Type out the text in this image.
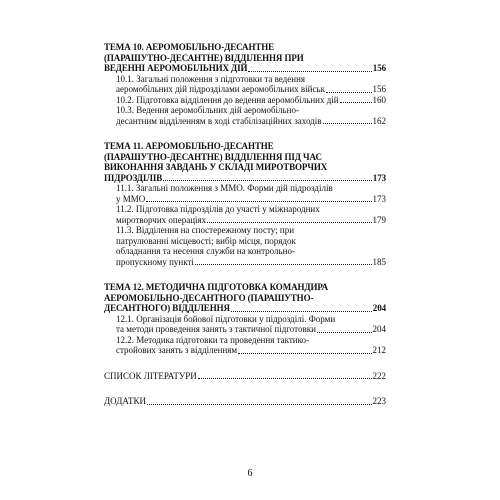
ТЕМА 10. АЕРОМОБІЛЬНО-ДЕСАНТНЕ
(ПАРАШУТНО-ДЕСАНТНЕ) ВІДДІЛЕННЯ ПРИ
ВЕДЕННІ АЕРОМОБІЛЬНИХ ДІЙ	156
10.1. Загальні положення з підготовки та ведення
аеромобільних дій підрозділами аеромобільних військ	156
10.2. Підготовка відділення до ведення аеромобільних дій	160
10.3. Ведення аеромобільних дій аеромобільно-
десантним відділенням в ході стабілізаційних заходів	162
ТЕМА 11. АЕРОМОБІЛЬНО-ДЕСАНТНЕ
(ПАРАШУТНО-ДЕСАНТНЕ) ВІДДІЛЕННЯ ПІД ЧАС
ВИКОНАННЯ ЗАВДАНЬ У СКЛАДІ МИРОТВОРЧИХ
ПІДРОЗДІЛІВ	173
11.1. Загальні положення з ММО. Форми дій підрозділів
у ММО	173
11.2. Підготовка підрозділів до участі у міжнародних
миротворчих операціях	179
11.3. Відділення на спостережному посту; при
патрулюванні місцевості; вибір місця, порядок
обладнання та несення служби на контрольно-
пропускному пункті	185
ТЕМА 12. МЕТОДИЧНА ПІДГОТОВКА КОМАНДИРА
АЕРОМОБІЛЬНО-ДЕСАНТНОГО (ПАРАШУТНО-
ДЕСАНТНОГО) ВІДДІЛЕННЯ	204
12.1. Організація бойової підготовки у підрозділі. Форми
та методи проведення занять з тактичної підготовки	204
12.2. Методика підготовки та проведення тактико-
стройових занять з відділенням	212
СПИСОК ЛІТЕРАТУРИ	222
ДОДАТКИ	223
6
